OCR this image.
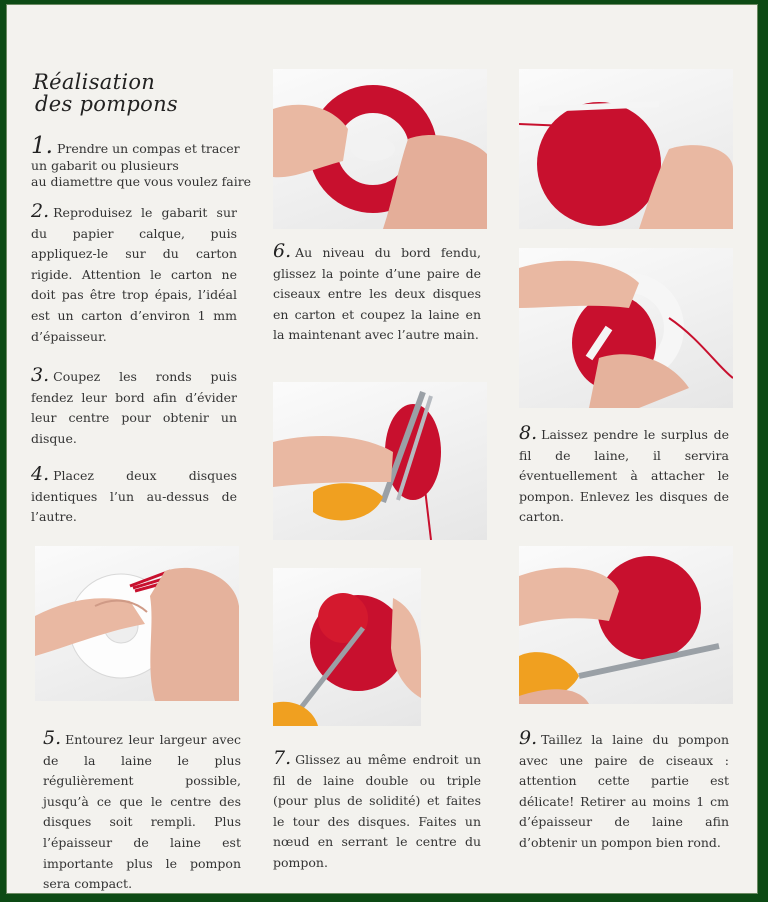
Réalisation
des pompons
1. Prendre un compas et tracer
un gabarit ou plusieurs
au diamettre que vous voulez faire
2. Reproduisez le gabarit sur du papier calque, puis appliquez-le sur du carton rigide. Attention le carton ne doit pas être trop épais, l’idéal est un carton d’environ 1 mm d’épaisseur.
3. Coupez les ronds puis fendez leur bord afin d’évider leur centre pour obtenir un disque.
4. Placez deux disques identiques l’un au-dessus de l’autre.
5. Entourez leur largeur avec de la laine le plus régulièrement possible, jusqu’à ce que le centre des disques soit rempli. Plus l’épaisseur de laine est importante plus le pompon sera compact.
6. Au niveau du bord fendu, glissez la pointe d’une paire de ciseaux entre les deux disques en carton et coupez la laine en la maintenant avec l’autre main.
7. Glissez au même endroit un fil de laine double ou triple (pour plus de solidité) et faites le tour des disques. Faites un nœud en serrant le centre du pompon.
8. Laissez pendre le surplus de fil de laine, il servira éventuellement à attacher le pompon. Enlevez les disques de carton.
9. Taillez la laine du pompon avec une paire de ciseaux : attention cette partie est délicate! Retirer au moins 1 cm d’épaisseur de laine afin d’obtenir un pompon bien rond.
